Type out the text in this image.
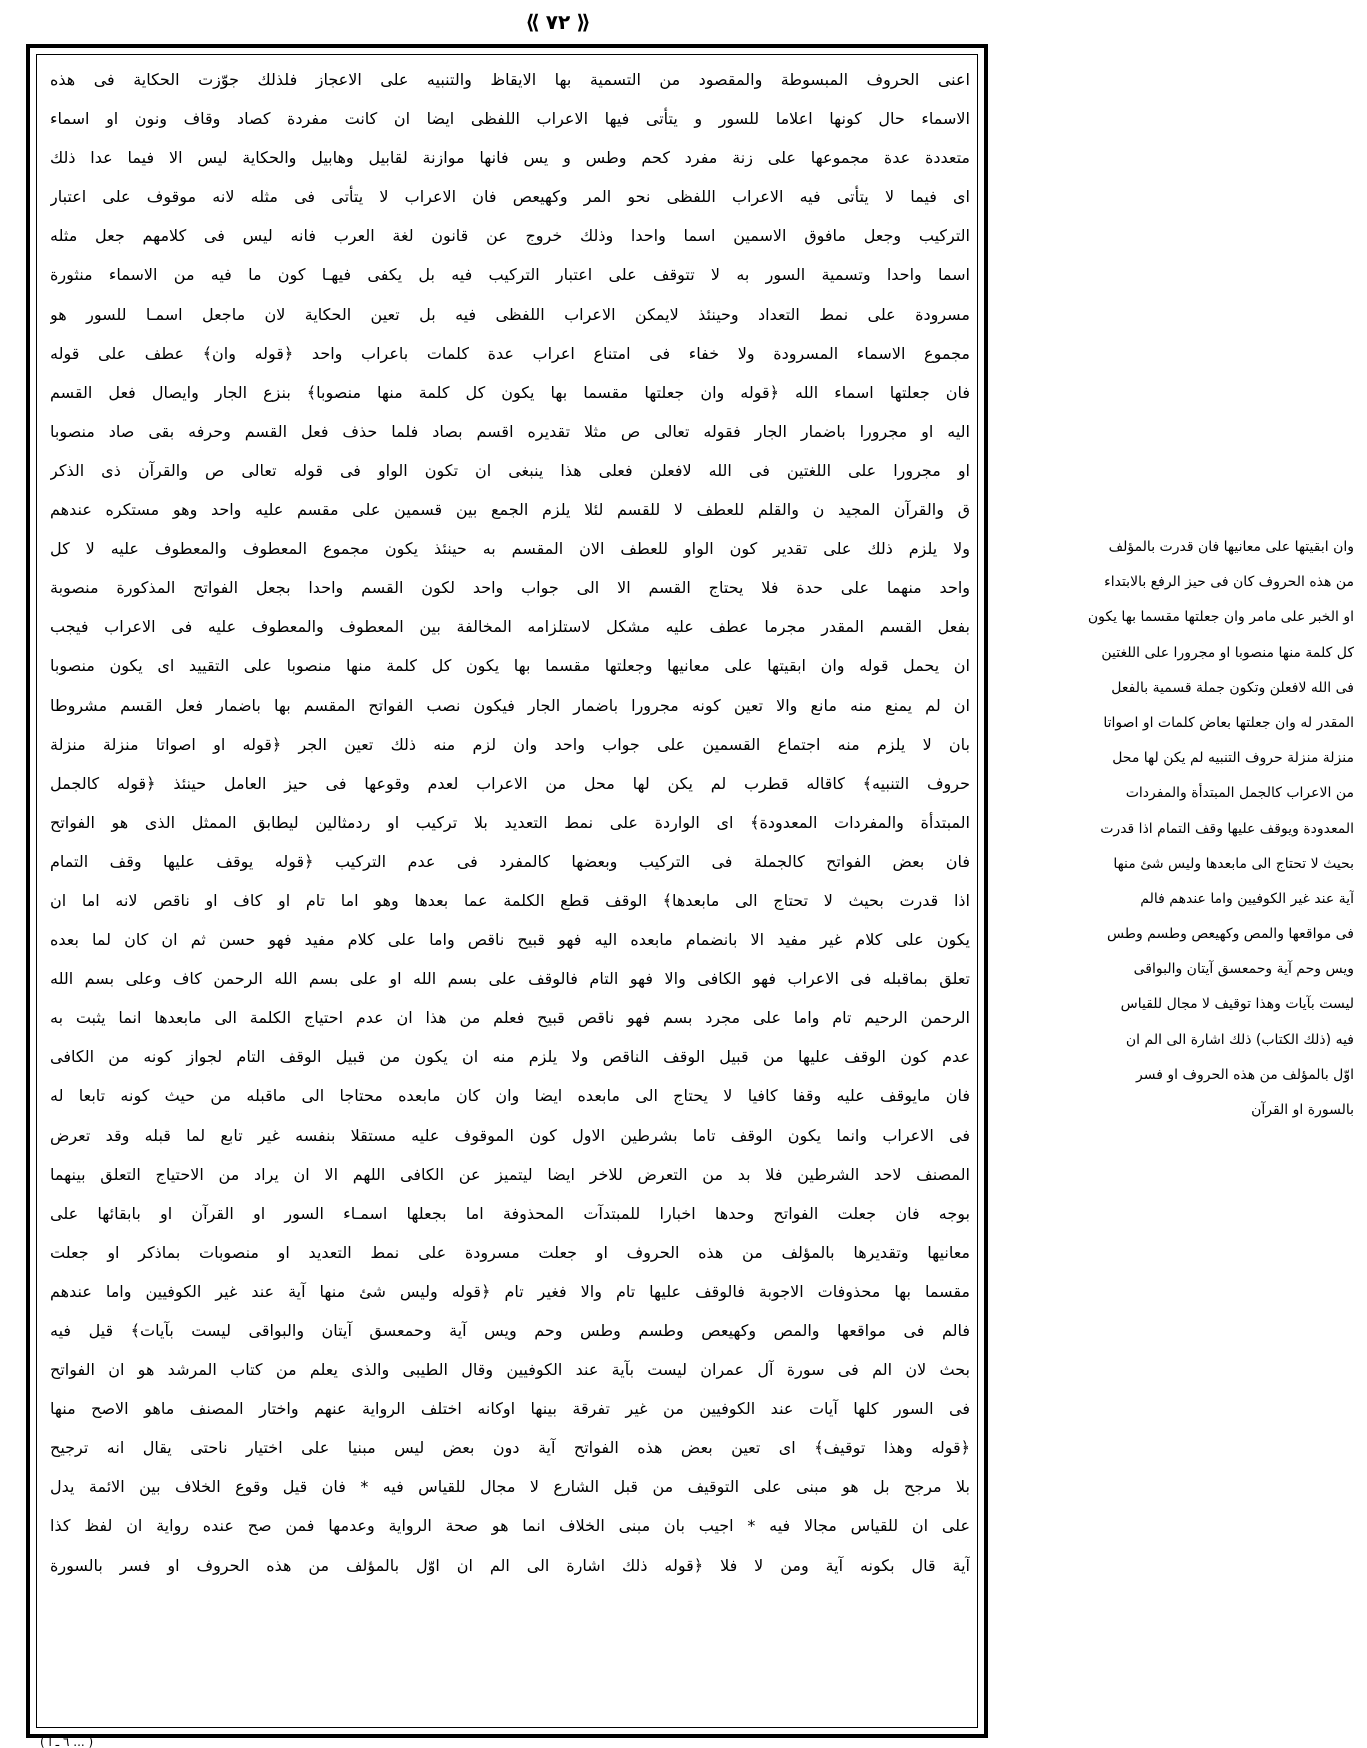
⟪ ٧٢ ⟫
اعنى الحروف المبسوطة والمقصود من التسمية بها الايقاظ والتنبيه على الاعجاز فلذلك جوّزت الحكاية فى هذه
الاسماء حال كونها اعلاما للسور و يتأتى فيها الاعراب اللفظى ايضا ان كانت مفردة كصاد وقاف ونون او اسماء
متعددة عدة مجموعها على زنة مفرد كحم وطس و يس فانها موازنة لقابيل وهابيل والحكاية ليس الا فيما عدا ذلك
اى فيما لا يتأتى فيه الاعراب اللفظى نحو المر وكهيعص فان الاعراب لا يتأتى فى مثله لانه موقوف على اعتبار
التركيب وجعل مافوق الاسمين اسما واحدا وذلك خروج عن قانون لغة العرب فانه ليس فى كلامهم جعل مثله
اسما واحدا وتسمية السور به لا تتوقف على اعتبار التركيب فيه بل يكفى فيهـا كون ما فيه من الاسماء منثورة
مسرودة على نمط التعداد وحينئذ لايمكن الاعراب اللفظى فيه بل تعين الحكاية لان ماجعل اسمـا للسور هو
مجموع الاسماء المسرودة ولا خفاء فى امتناع اعراب عدة كلمات باعراب واحد ﴿قوله وان﴾ عطف على قوله
فان جعلتها اسماء الله ﴿قوله وان جعلتها مقسما بها يكون كل كلمة منها منصوبا﴾ بنزع الجار وايصال فعل القسم
اليه او مجرورا باضمار الجار فقوله تعالى ص مثلا تقديره اقسم بصاد فلما حذف فعل القسم وحرفه بقى صاد منصوبا
او مجرورا على اللغتين فى الله لافعلن فعلى هذا ينبغى ان تكون الواو فى قوله تعالى ص والقرآن ذى الذكر
ق والقرآن المجيد ن والقلم للعطف لا للقسم لئلا يلزم الجمع بين قسمين على مقسم عليه واحد وهو مستكره عندهم
ولا يلزم ذلك على تقدير كون الواو للعطف الان المقسم به حينئذ يكون مجموع المعطوف والمعطوف عليه لا كل
واحد منهما على حدة فلا يحتاج القسم الا الى جواب واحد لكون القسم واحدا بجعل الفواتح المذكورة منصوبة
بفعل القسم المقدر مجرما عطف عليه مشكل لاستلزامه المخالفة بين المعطوف والمعطوف عليه فى الاعراب فيجب
ان يحمل قوله وان ابقيتها على معانيها وجعلتها مقسما بها يكون كل كلمة منها منصوبا على التقييد اى يكون منصوبا
ان لم يمنع منه مانع والا تعين كونه مجرورا باضمار الجار فيكون نصب الفواتح المقسم بها باضمار فعل القسم مشروطا
بان لا يلزم منه اجتماع القسمين على جواب واحد وان لزم منه ذلك تعين الجر ﴿قوله او اصواتا منزلة منزلة
حروف التنبيه﴾ كاقاله قطرب لم يكن لها محل من الاعراب لعدم وقوعها فى حيز العامل حينئذ ﴿قوله كالجمل
المبتدأة والمفردات المعدودة﴾ اى الواردة على نمط التعديد بلا تركيب او ردمثالين ليطابق الممثل الذى هو الفواتح
فان بعض الفواتح كالجملة فى التركيب وبعضها كالمفرد فى عدم التركيب ﴿قوله يوقف عليها وقف التمام
اذا قدرت بحيث لا تحتاج الى مابعدها﴾ الوقف قطع الكلمة عما بعدها وهو اما تام او كاف او ناقص لانه اما ان
يكون على كلام غير مفيد الا بانضمام مابعده اليه فهو قبيح ناقص واما على كلام مفيد فهو حسن ثم ان كان لما بعده
تعلق بماقبله فى الاعراب فهو الكافى والا فهو التام فالوقف على بسم الله او على بسم الله الرحمن كاف وعلى بسم الله
الرحمن الرحيم تام واما على مجرد بسم فهو ناقص قبيح فعلم من هذا ان عدم احتياج الكلمة الى مابعدها انما يثبت به
عدم كون الوقف عليها من قبيل الوقف الناقص ولا يلزم منه ان يكون من قبيل الوقف التام لجواز كونه من الكافى
فان مايوقف عليه وقفا كافيا لا يحتاج الى مابعده ايضا وان كان مابعده محتاجا الى ماقبله من حيث كونه تابعا له
فى الاعراب وانما يكون الوقف تاما بشرطين الاول كون الموقوف عليه مستقلا بنفسه غير تابع لما قبله وقد تعرض
المصنف لاحد الشرطين فلا بد من التعرض للاخر ايضا ليتميز عن الكافى اللهم الا ان يراد من الاحتياج التعلق بينهما
بوجه فان جعلت الفواتح وحدها اخبارا للمبتدآت المحذوفة اما بجعلها اسمـاء السور او القرآن او بابقائها على
معانيها وتقديرها بالمؤلف من هذه الحروف او جعلت مسرودة على نمط التعديد او منصوبات بماذكر او جعلت
مقسما بها محذوفات الاجوبة فالوقف عليها تام والا فغير تام ﴿قوله وليس شئ منها آية عند غير الكوفيين واما عندهم
فالم فى مواقعها والمص وكهيعص وطسم وطس وحم ويس آية وحمعسق آيتان والبواقى ليست بآيات﴾ قيل فيه
بحث لان الم فى سورة آل عمران ليست بآية عند الكوفيين وقال الطيبى والذى يعلم من كتاب المرشد هو ان الفواتح
فى السور كلها آيات عند الكوفيين من غير تفرقة بينها اوكانه اختلف الرواية عنهم واختار المصنف ماهو الاصح منها
﴿قوله وهذا توقيف﴾ اى تعين بعض هذه الفواتح آية دون بعض ليس مبنيا على اختيار ناحتى يقال انه ترجيح
بلا مرجح بل هو مبنى على التوقيف من قبل الشارع لا مجال للقياس فيه * فان قيل وقوع الخلاف بين الائمة يدل
على ان للقياس مجالا فيه * اجيب بان مبنى الخلاف انما هو صحة الرواية وعدمها فمن صح عنده رواية ان لفظ كذا
آية قال بكونه آية ومن لا فلا ﴿قوله ذلك اشارة الى الم ان اوّل بالمؤلف من هذه الحروف او فسر بالسورة
وان ابقيتها على معانيها فان قدرت بالمؤلف
من هذه الحروف كان فى حيز الرفع بالابتداء
او الخبر على مامر وان جعلتها مقسما بها يكون
كل كلمة منها منصوبا او مجرورا على اللغتين
فى الله لافعلن وتكون جملة قسمية بالفعل
المقدر له وان جعلتها بعاض كلمات او اصواتا
منزلة منزلة حروف التنبيه لم يكن لها محل
من الاعراب كالجمل المبتدأة والمفردات
المعدودة ويوقف عليها وقف التمام اذا قدرت
بحيث لا تحتاج الى مابعدها وليس شئ منها
آية عند غير الكوفيين واما عندهم فالم
فى مواقعها والمص وكهيعص وطسم وطس
ويس وحم آية وحمعسق آيتان والبواقى
ليست بآيات وهذا توقيف لا مجال للقياس
فيه (ذلك الكتاب) ذلك اشارة الى الم ان
اوّل بالمؤلف من هذه الحروف او فسر
بالسورة او القرآن
( ٦ ـ آ ... )
